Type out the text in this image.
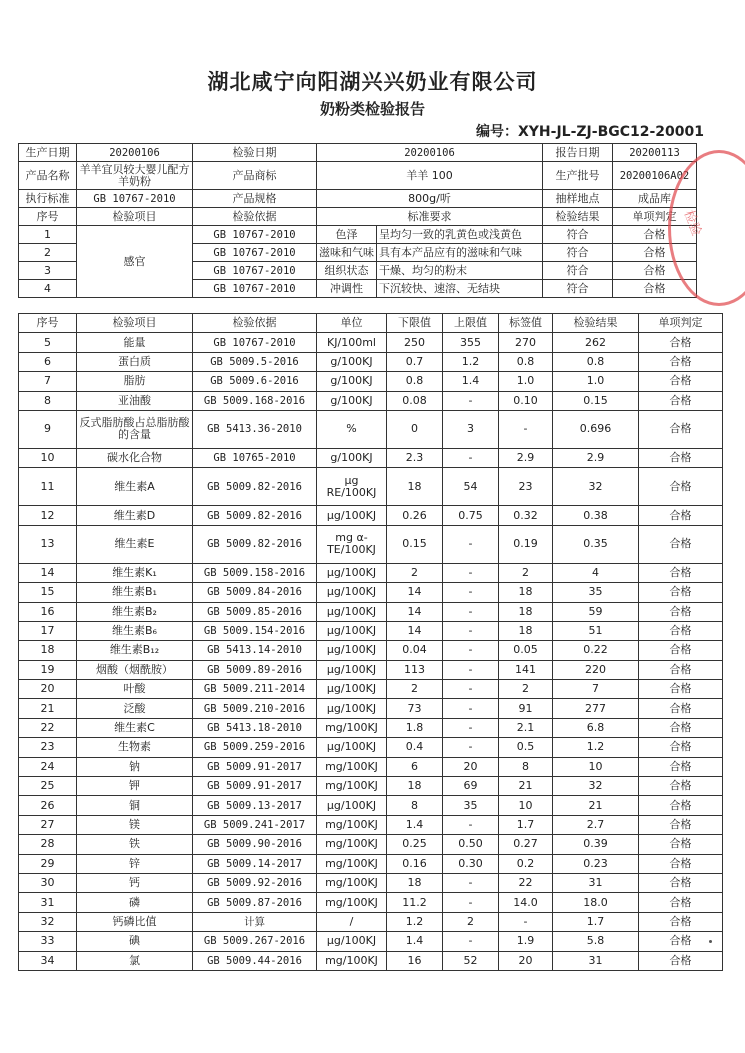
湖北咸宁向阳湖兴兴奶业有限公司
奶粉类检验报告
编号：XYH-JL-ZJ-BGC12-20001
生产日期	20200106	检验日期	20200106		报告日期	20200113
产品名称	羊羊宜贝较大婴儿配方羊奶粉	产品商标	羊羊 100		生产批号	20200106A02
执行标准	GB 10767-2010	产品规格	800g/听		抽样地点	成品库
序号	检验项目	检验依据	标准要求		检验结果	单项判定
1	感官	GB 10767-2010	色泽	呈均匀一致的乳黄色或浅黄色	符合	合格
2		GB 10767-2010	滋味和气味	具有本产品应有的滋味和气味	符合	合格
3		GB 10767-2010	组织状态	干燥、均匀的粉末	符合	合格
4		GB 10767-2010	冲调性	下沉较快、速溶、无结块	符合	合格
序号	检验项目	检验依据	单位	下限值	上限值	标签值	检验结果	单项判定
5	能量	GB 10767-2010	KJ/100ml	250	355	270	262	合格
6	蛋白质	GB 5009.5-2016	g/100KJ	0.7	1.2	0.8	0.8	合格
7	脂肪	GB 5009.6-2016	g/100KJ	0.8	1.4	1.0	1.0	合格
8	亚油酸	GB 5009.168-2016	g/100KJ	0.08	-	0.10	0.15	合格
9	反式脂肪酸占总脂肪酸的含量	GB 5413.36-2010	%	0	3	-	0.696	合格
10	碳水化合物	GB 10765-2010	g/100KJ	2.3	-	2.9	2.9	合格
11	维生素A	GB 5009.82-2016	μg RE/100KJ	18	54	23	32	合格
12	维生素D	GB 5009.82-2016	μg/100KJ	0.26	0.75	0.32	0.38	合格
13	维生素E	GB 5009.82-2016	mg α-TE/100KJ	0.15	-	0.19	0.35	合格
14	维生素K₁	GB 5009.158-2016	μg/100KJ	2	-	2	4	合格
15	维生素B₁	GB 5009.84-2016	μg/100KJ	14	-	18	35	合格
16	维生素B₂	GB 5009.85-2016	μg/100KJ	14	-	18	59	合格
17	维生素B₆	GB 5009.154-2016	μg/100KJ	14	-	18	51	合格
18	维生素B₁₂	GB 5413.14-2010	μg/100KJ	0.04	-	0.05	0.22	合格
19	烟酸（烟酰胺）	GB 5009.89-2016	μg/100KJ	113	-	141	220	合格
20	叶酸	GB 5009.211-2014	μg/100KJ	2	-	2	7	合格
21	泛酸	GB 5009.210-2016	μg/100KJ	73	-	91	277	合格
22	维生素C	GB 5413.18-2010	mg/100KJ	1.8	-	2.1	6.8	合格
23	生物素	GB 5009.259-2016	μg/100KJ	0.4	-	0.5	1.2	合格
24	钠	GB 5009.91-2017	mg/100KJ	6	20	8	10	合格
25	钾	GB 5009.91-2017	mg/100KJ	18	69	21	32	合格
26	铜	GB 5009.13-2017	μg/100KJ	8	35	10	21	合格
27	镁	GB 5009.241-2017	mg/100KJ	1.4	-	1.7	2.7	合格
28	铁	GB 5009.90-2016	mg/100KJ	0.25	0.50	0.27	0.39	合格
29	锌	GB 5009.14-2017	mg/100KJ	0.16	0.30	0.2	0.23	合格
30	钙	GB 5009.92-2016	mg/100KJ	18	-	22	31	合格
31	磷	GB 5009.87-2016	mg/100KJ	11.2	-	14.0	18.0	合格
32	钙磷比值	计算	/	1.2	2	-	1.7	合格
33	碘	GB 5009.267-2016	μg/100KJ	1.4	-	1.9	5.8	合格
34	氯	GB 5009.44-2016	mg/100KJ	16	52	20	31	合格
检验
